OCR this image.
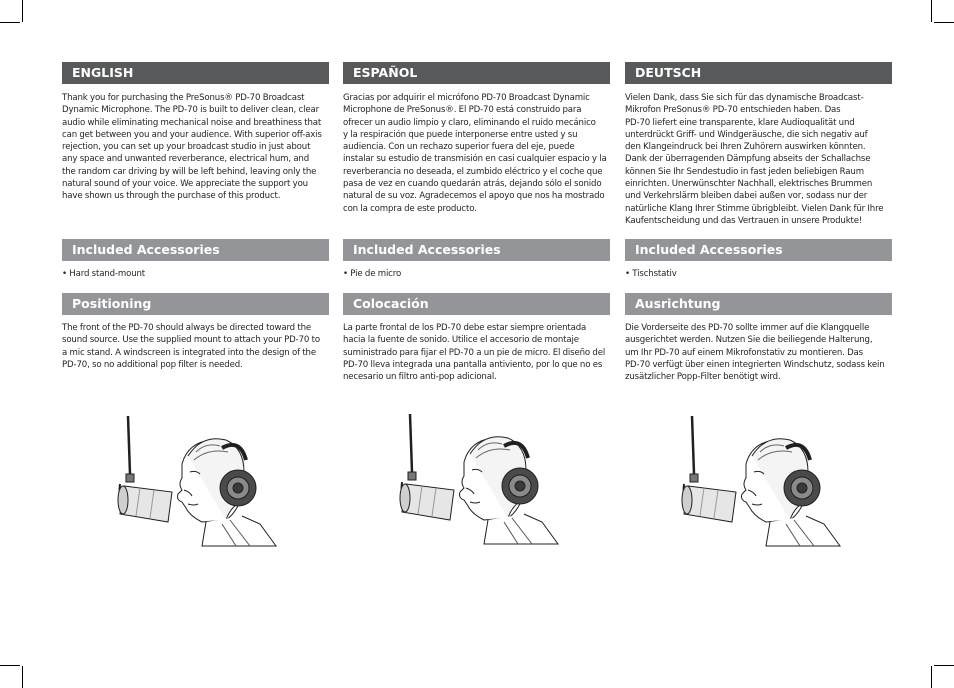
ENGLISH

Thank you for purchasing the PreSonus® PD-70 Broadcast
Dynamic Microphone. The PD-70 is built to deliver clean, clear
audio while eliminating mechanical noise and breathiness that
can get between you and your audience. With superior off-axis
rejection, you can set up your broadcast studio in just about
any space and unwanted reverberance, electrical hum, and
the random car driving by will be left behind, leaving only the
natural sound of your voice. We appreciate the support you
have shown us through the purchase of this product.

Included Accessories

• Hard stand-mount

Positioning

The front of the PD-70 should always be directed toward the
sound source. Use the supplied mount to attach your PD-70 to
a mic stand. A windscreen is integrated into the design of the
PD-70, so no additional pop filter is needed.

ESPAÑOL

Gracias por adquirir el micrófono PD-70 Broadcast Dynamic
Microphone de PreSonus®. El PD-70 está construido para
ofrecer un audio limpio y claro, eliminando el ruido mecánico
y la respiración que puede interponerse entre usted y su
audiencia. Con un rechazo superior fuera del eje, puede
instalar su estudio de transmisión en casi cualquier espacio y la
reverberancia no deseada, el zumbido eléctrico y el coche que
pasa de vez en cuando quedarán atrás, dejando sólo el sonido
natural de su voz. Agradecemos el apoyo que nos ha mostrado
con la compra de este producto.

Included Accessories

• Pie de micro

Colocación

La parte frontal de los PD-70 debe estar siempre orientada
hacia la fuente de sonido. Utilice el accesorio de montaje
suministrado para fijar el PD-70 a un pie de micro. El diseño del
PD-70 lleva integrada una pantalla antiviento, por lo que no es
necesario un filtro anti-pop adicional.

DEUTSCH

Vielen Dank, dass Sie sich für das dynamische Broadcast-
Mikrofon PreSonus® PD-70 entschieden haben. Das
PD-70 liefert eine transparente, klare Audioqualität und
unterdrückt Griff- und Windgeräusche, die sich negativ auf
den Klangeindruck bei Ihren Zuhörern auswirken könnten.
Dank der überragenden Dämpfung abseits der Schallachse
können Sie Ihr Sendestudio in fast jeden beliebigen Raum
einrichten. Unerwünschter Nachhall, elektrisches Brummen
und Verkehrslärm bleiben dabei außen vor, sodass nur der
natürliche Klang Ihrer Stimme übrigbleibt. Vielen Dank für Ihre
Kaufentscheidung und das Vertrauen in unsere Produkte!

Included Accessories

• Tischstativ

Ausrichtung

Die Vorderseite des PD-70 sollte immer auf die Klangquelle
ausgerichtet werden. Nutzen Sie die beiliegende Halterung,
um Ihr PD-70 auf einem Mikrofonstativ zu montieren. Das
PD-70 verfügt über einen integrierten Windschutz, sodass kein
zusätzlicher Popp-Filter benötigt wird.
